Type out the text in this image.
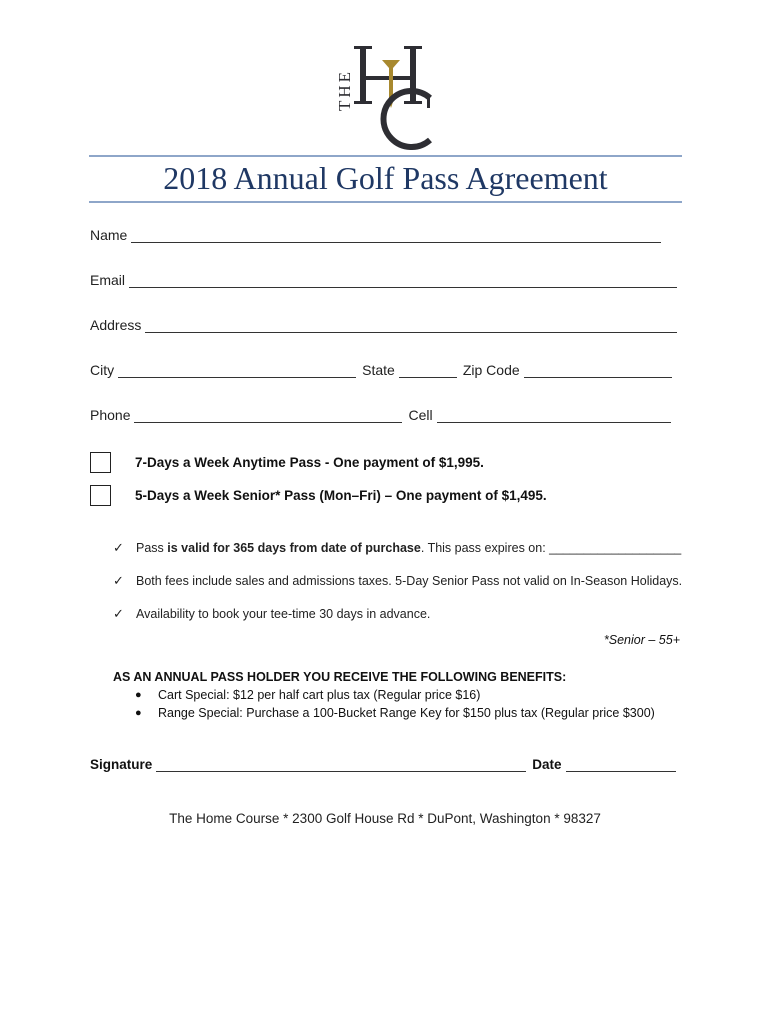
THE
2018 Annual Golf Pass Agreement
Name
Email
Address
City	State	Zip Code
Phone	Cell
7-Days a Week Anytime Pass - One payment of $1,995.
5-Days a Week Senior* Pass (Mon–Fri) – One payment of $1,495.
✓ Pass is valid for 365 days from date of purchase. This pass expires on: ___________________
✓ Both fees include sales and admissions taxes. 5-Day Senior Pass not valid on In-Season Holidays.
✓ Availability to book your tee-time 30 days in advance.
*Senior – 55+
AS AN ANNUAL PASS HOLDER YOU RECEIVE THE FOLLOWING BENEFITS:
●	Cart Special: $12 per half cart plus tax (Regular price $16)
●	Range Special: Purchase a 100-Bucket Range Key for $150 plus tax (Regular price $300)
Signature	Date
The Home Course * 2300 Golf House Rd * DuPont, Washington * 98327
